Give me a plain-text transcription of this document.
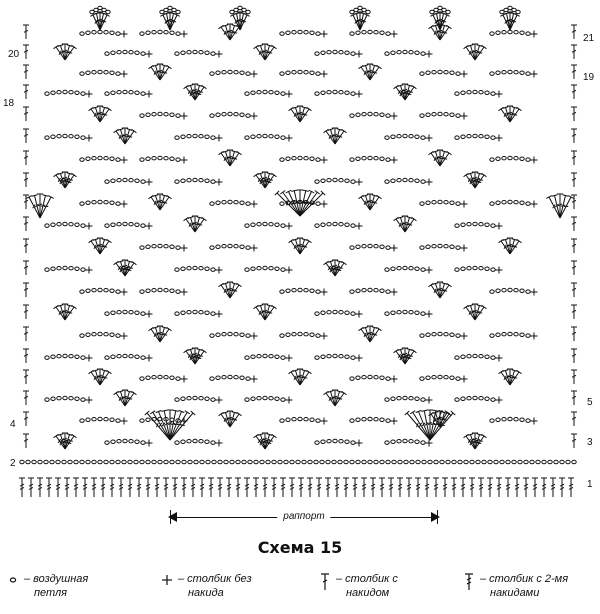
20
18
4
2
21
19
5
3
1
раппорт
Схема 15
– воздушная
петля
– столбик без
накида
– столбик с
накидом
– столбик с 2-мя
накидами
